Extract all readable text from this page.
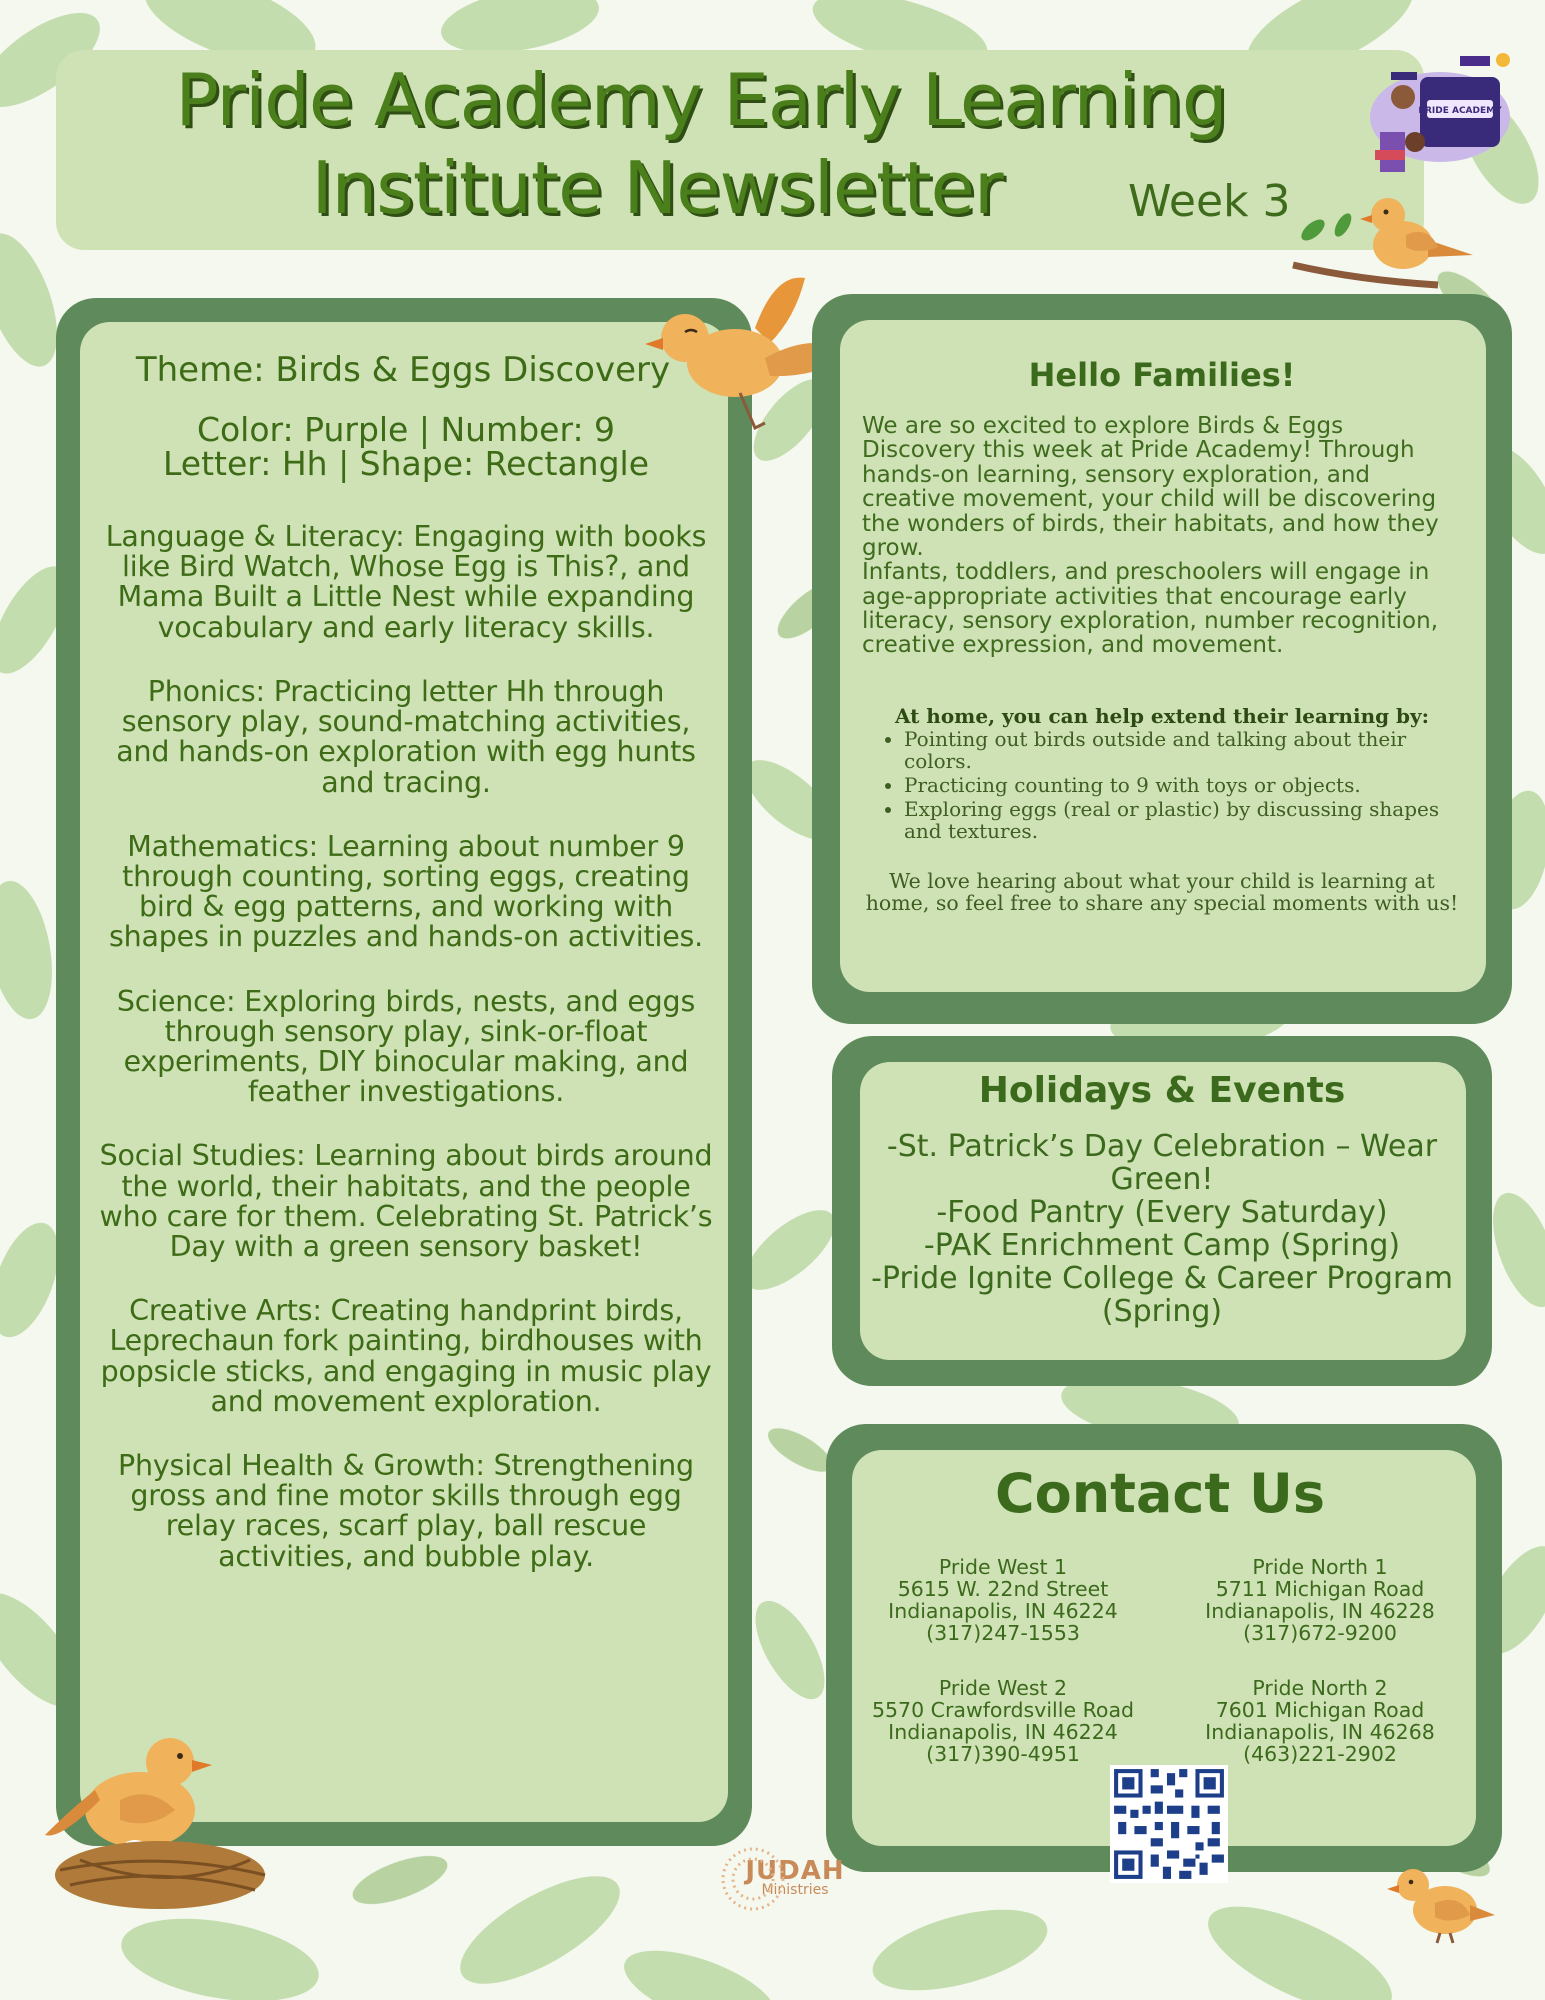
Pride Academy Early Learning
Institute Newsletter	Week 3
PRIDE ACADEMY
Theme: Birds & Eggs Discovery
Color: Purple | Number: 9
Letter: Hh | Shape: Rectangle
Language & Literacy: Engaging with books like Bird Watch, Whose Egg is This?, and Mama Built a Little Nest while expanding vocabulary and early literacy skills.
Phonics: Practicing letter Hh through sensory play, sound-matching activities, and hands-on exploration with egg hunts and tracing.
Mathematics: Learning about number 9 through counting, sorting eggs, creating bird & egg patterns, and working with shapes in puzzles and hands-on activities.
Science: Exploring birds, nests, and eggs through sensory play, sink-or-float experiments, DIY binocular making, and feather investigations.
Social Studies: Learning about birds around the world, their habitats, and the people who care for them. Celebrating St. Patrick’s Day with a green sensory basket!
Creative Arts: Creating handprint birds, Leprechaun fork painting, birdhouses with popsicle sticks, and engaging in music play and movement exploration.
Physical Health & Growth: Strengthening gross and fine motor skills through egg relay races, scarf play, ball rescue activities, and bubble play.
Hello Families!
We are so excited to explore Birds & Eggs Discovery this week at Pride Academy! Through hands-on learning, sensory exploration, and creative movement, your child will be discovering the wonders of birds, their habitats, and how they grow.
Infants, toddlers, and preschoolers will engage in age-appropriate activities that encourage early literacy, sensory exploration, number recognition, creative expression, and movement.
At home, you can help extend their learning by:
• Pointing out birds outside and talking about their colors.
• Practicing counting to 9 with toys or objects.
• Exploring eggs (real or plastic) by discussing shapes and textures.
We love hearing about what your child is learning at home, so feel free to share any special moments with us!
Holidays & Events
-St. Patrick’s Day Celebration – Wear Green!
-Food Pantry (Every Saturday)
-PAK Enrichment Camp (Spring)
-Pride Ignite College & Career Program (Spring)
Contact Us
Pride West 1
5615 W. 22nd Street
Indianapolis, IN 46224
(317)247-1553
Pride North 1
5711 Michigan Road
Indianapolis, IN 46228
(317)672-9200
Pride West 2
5570 Crawfordsville Road
Indianapolis, IN 46224
(317)390-4951
Pride North 2
7601 Michigan Road
Indianapolis, IN 46268
(463)221-2902
JUDAH
Ministries
